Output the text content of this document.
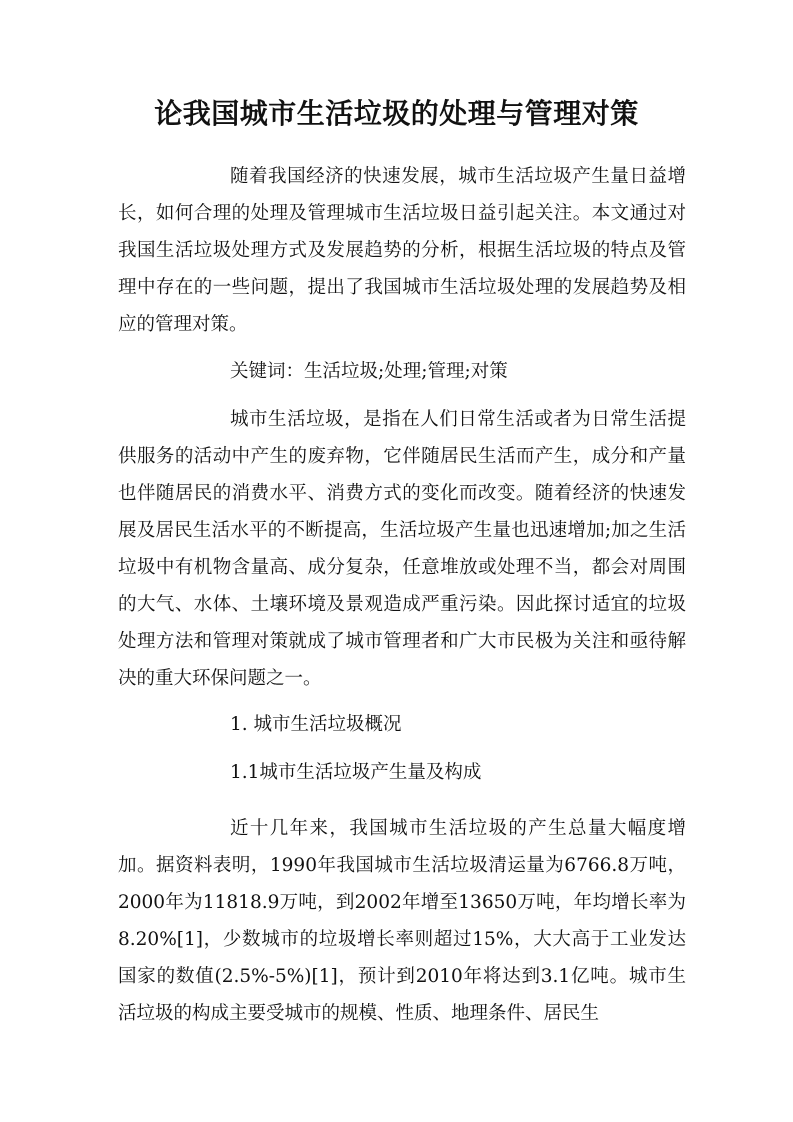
论我国城市生活垃圾的处理与管理对策

随着我国经济的快速发展，城市生活垃圾产生量日益增长，如何合理的处理及管理城市生活垃圾日益引起关注。本文通过对我国生活垃圾处理方式及发展趋势的分析，根据生活垃圾的特点及管理中存在的一些问题，提出了我国城市生活垃圾处理的发展趋势及相应的管理对策。

关键词：生活垃圾;处理;管理;对策

城市生活垃圾，是指在人们日常生活或者为日常生活提供服务的活动中产生的废弃物，它伴随居民生活而产生，成分和产量也伴随居民的消费水平、消费方式的变化而改变。随着经济的快速发展及居民生活水平的不断提高，生活垃圾产生量也迅速增加;加之生活垃圾中有机物含量高、成分复杂，任意堆放或处理不当，都会对周围的大气、水体、土壤环境及景观造成严重污染。因此探讨适宜的垃圾处理方法和管理对策就成了城市管理者和广大市民极为关注和亟待解决的重大环保问题之一。

1. 城市生活垃圾概况

1.1城市生活垃圾产生量及构成

近十几年来，我国城市生活垃圾的产生总量大幅度增加。据资料表明，1990年我国城市生活垃圾清运量为6766.8万吨，2000年为11818.9万吨，到2002年增至13650万吨，年均增长率为8.20%[1]，少数城市的垃圾增长率则超过15%，大大高于工业发达国家的数值(2.5%-5%)[1]，预计到2010年将达到3.1亿吨。城市生活垃圾的构成主要受城市的规模、性质、地理条件、居民生
